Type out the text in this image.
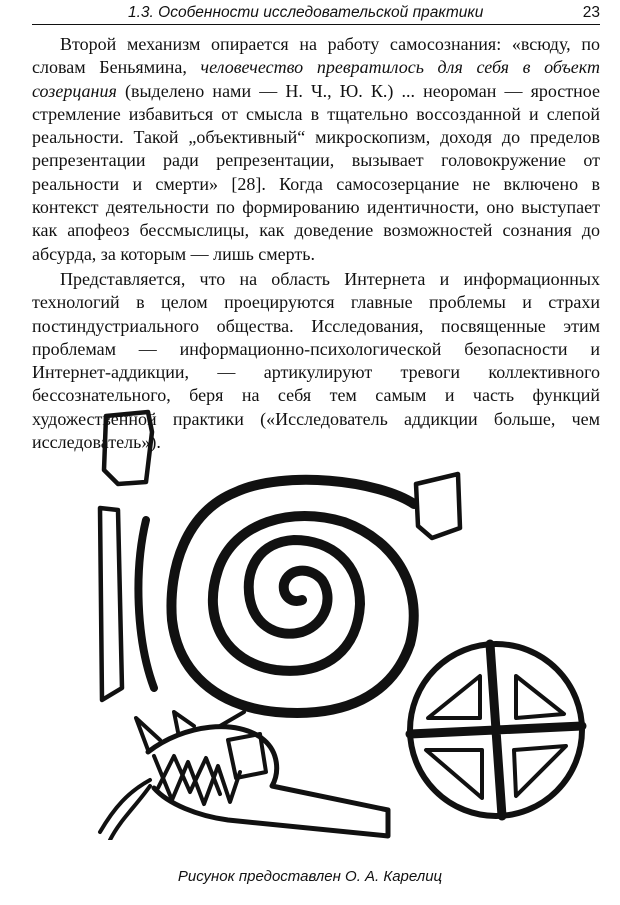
1.3. Особенности исследовательской практики	23

Второй механизм опирается на работу самосознания: «всюду, по словам Беньямина, человечество превратилось для себя в объект созерцания (выделено нами — Н. Ч., Ю. К.) ... неороман — яростное стремление избавиться от смысла в тщательно воссозданной и слепой реальности. Такой „объективный“ микроскопизм, доходя до пределов репрезентации ради репрезентации, вызывает головокружение от реальности и смерти» [28]. Когда самосозерцание не включено в контекст деятельности по формированию идентичности, оно выступает как апофеоз бессмыслицы, как доведение возможностей сознания до абсурда, за которым — лишь смерть.

Представляется, что на область Интернета и информационных технологий в целом проецируются главные проблемы и страхи постиндустриального общества. Исследования, посвященные этим проблемам — информационно-психологической безопасности и Интернет-аддикции, — артикулируют тревоги коллективного бессознательного, беря на себя тем самым и часть функций художественной практики («Исследователь аддикции больше, чем исследователь»).

Рисунок предоставлен О. А. Карелиц
